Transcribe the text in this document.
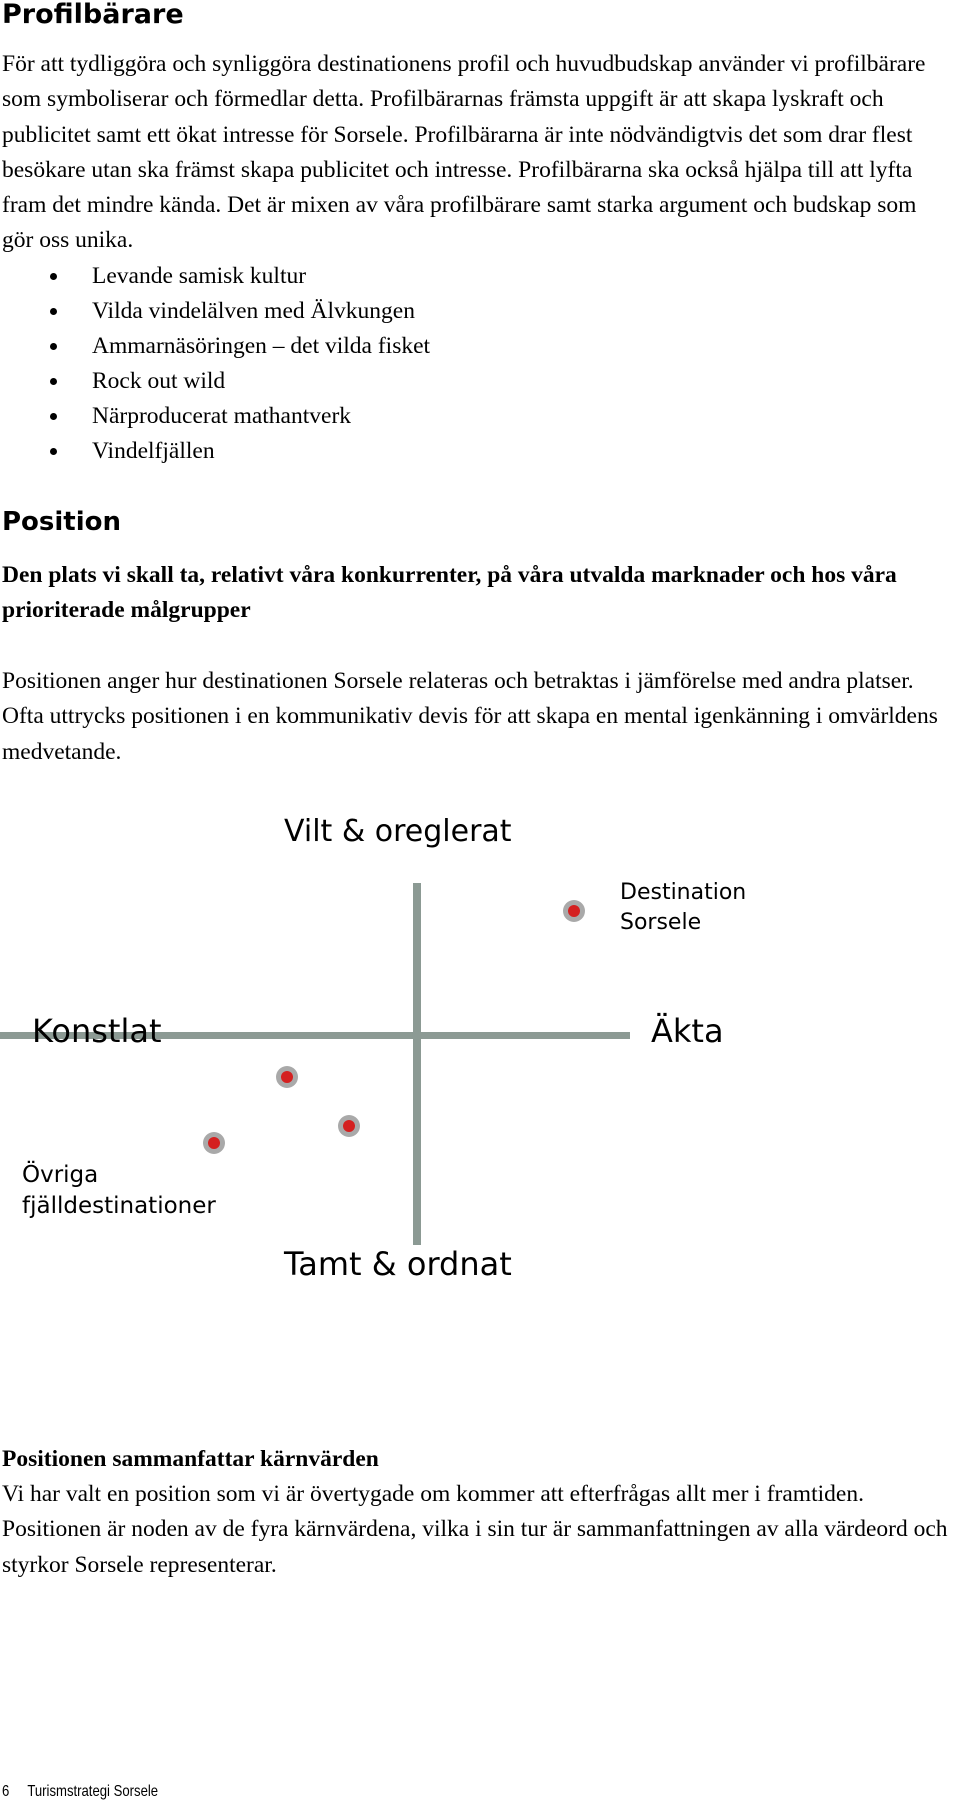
Profilbärare

För att tydliggöra och synliggöra destinationens profil och huvudbudskap använder vi profilbärare som symboliserar och förmedlar detta. Profilbärarnas främsta uppgift är att skapa lyskraft och publicitet samt ett ökat intresse för Sorsele. Profilbärarna är inte nödvändigtvis det som drar flest besökare utan ska främst skapa publicitet och intresse. Profilbärarna ska också hjälpa till att lyfta fram det mindre kända. Det är mixen av våra profilbärare samt starka argument och budskap som gör oss unika.

Levande samisk kultur
Vilda vindelälven med Älvkungen
Ammarnäsöringen – det vilda fisket
Rock out wild
Närproducerat mathantverk
Vindelfjällen
Position

Den plats vi skall ta, relativt våra konkurrenter, på våra utvalda marknader och hos våra prioriterade målgrupper

Positionen anger hur destinationen Sorsele relateras och betraktas i jämförelse med andra platser. Ofta uttrycks positionen i en kommunikativ devis för att skapa en mental igenkänning i omvärldens medvetande.

Vilt & oreglerat
Tamt & ordnat
Konstlat	Äkta
Destination Sorsele
Övriga fjälldestinationer

Positionen sammanfattar kärnvärden

Vi har valt en position som vi är övertygade om kommer att efterfrågas allt mer i framtiden. Positionen är noden av de fyra kärnvärdena, vilka i sin tur är sammanfattningen av alla värdeord och styrkor Sorsele representerar.

6 Turismstrategi Sorsele
